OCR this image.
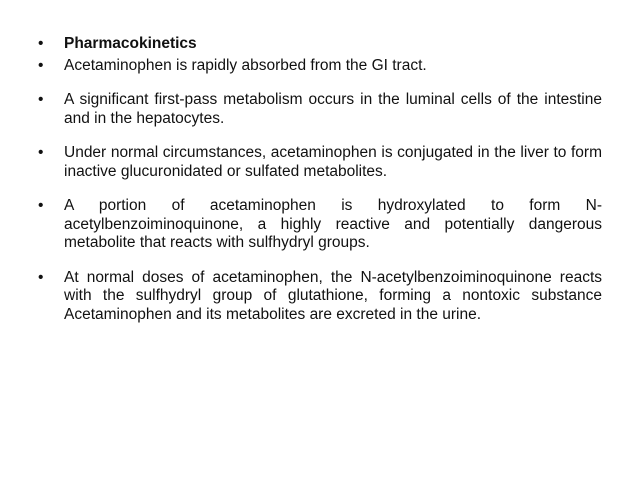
•	Pharmacokinetics
•	Acetaminophen is rapidly absorbed from the GI tract.
•	A significant first-pass metabolism occurs in the luminal cells of the intestine and in the hepatocytes.
•	Under normal circumstances, acetaminophen is conjugated in the liver to form inactive glucuronidated or sulfated metabolites.
•	A portion of acetaminophen is hydroxylated to form N-acetylbenzoiminoquinone, a highly reactive and potentially dangerous metabolite that reacts with sulfhydryl groups.
•	At normal doses of acetaminophen, the N-acetylbenzoiminoquinone reacts with the sulfhydryl group of glutathione, forming a nontoxic substance Acetaminophen and its metabolites are excreted in the urine.
